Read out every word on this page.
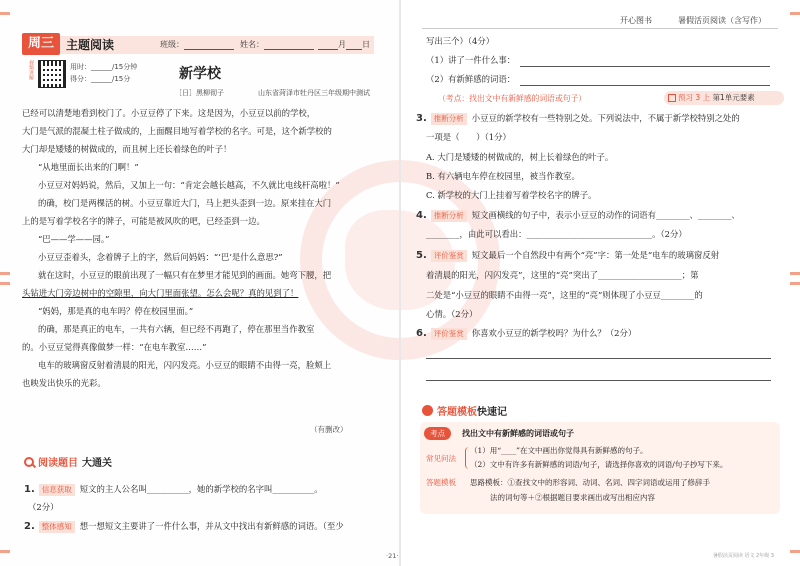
周三	主题阅读	班级：	姓名：	月 日
视频讲解	用时：______/15分钟
得分：______/15分	新学校
［日］黑柳彻子	山东省菏泽市牡丹区三年级期中测试
已经可以清楚地看到校门了。小豆豆停了下来。这是因为，小豆豆以前的学校，
大门是气派的混凝土柱子做成的，上面醒目地写着学校的名字。可是，这个新学校的
大门却是矮矮的树做成的，而且树上还长着绿色的叶子！
“从地里面长出来的门啊！”
小豆豆对妈妈说，然后，又加上一句：“肯定会越长越高，不久就比电线杆高啦！”
的确，校门是两棵活的树。小豆豆靠近大门，马上把头歪到一边。原来挂在大门
上的是写着学校名字的牌子，可能是被风吹的吧，已经歪到一边。
“巴——学——园。”
小豆豆歪着头，念着牌子上的字，然后问妈妈：“‘巴’是什么意思?”
就在这时，小豆豆的眼前出现了一幅只有在梦里才能见到的画面。她弯下腰，把
头钻进大门旁边树中的空隙里，向大门里面张望。怎么会呢？真的见到了！
“妈妈，那是真的电车吗？停在校园里面。”
的确，那是真正的电车，一共有六辆，但已经不再跑了，停在那里当作教室
的。小豆豆觉得真像做梦一样：“在电车教室……”
电车的玻璃窗反射着清晨的阳光，闪闪发亮。小豆豆的眼睛不由得一亮，脸颊上
也映发出快乐的光彩。
（有删改）
阅读题目 大通关
1. 信息获取 短文的主人公名叫__________，她的新学校的名字叫__________。
（2分）
2. 整体感知 想一想短文主要讲了一件什么事，并从文中找出有新鲜感的词语。（至少
开心图书	暑假活页阅读（含写作）
写出三个）（4分）
（1）讲了一件什么事：
（2）有新鲜感的词语：
（考点：找出文中有新鲜感的词语或句子）	预习 3 上 第1单元要素
3. 推断分析 小豆豆的新学校有一些特别之处。下列说法中，不属于新学校特别之处的
一项是（　　）（1分）
A. 大门是矮矮的树做成的，树上长着绿色的叶子。
B. 有六辆电车停在校园里，被当作教室。
C. 新学校的大门上挂着写着学校名字的牌子。
4. 推断分析 短文画横线的句子中，表示小豆豆的动作的词语有________、________、
________，由此可以看出：______________________________。（2分）
5. 评价鉴赏 短文最后一个自然段中有两个“亮”字：第一处是“电车的玻璃窗反射
着清晨的阳光，闪闪发亮”，这里的“亮”突出了____________________；第
二处是“小豆豆的眼睛不由得一亮”，这里的“亮”则体现了小豆豆________的
心情。（2分）
6. 评价鉴赏 你喜欢小豆豆的新学校吗？为什么？（2分）
答题模板 快速记
考点	找出文中有新鲜感的词语或句子
常见问法
（1）用“____”在文中画出你觉得具有新鲜感的句子。
（2）文中有许多有新鲜感的词语/句子，请选择你喜欢的词语/句子抄写下来。
答题模板 思路模板：①查找文中的形容词、动词、名词、四字词语或运用了修辞手
法的词句等＋②根据题目要求画出或写出相应内容
暑假活页阅读 语文 2年级 3
·21·
